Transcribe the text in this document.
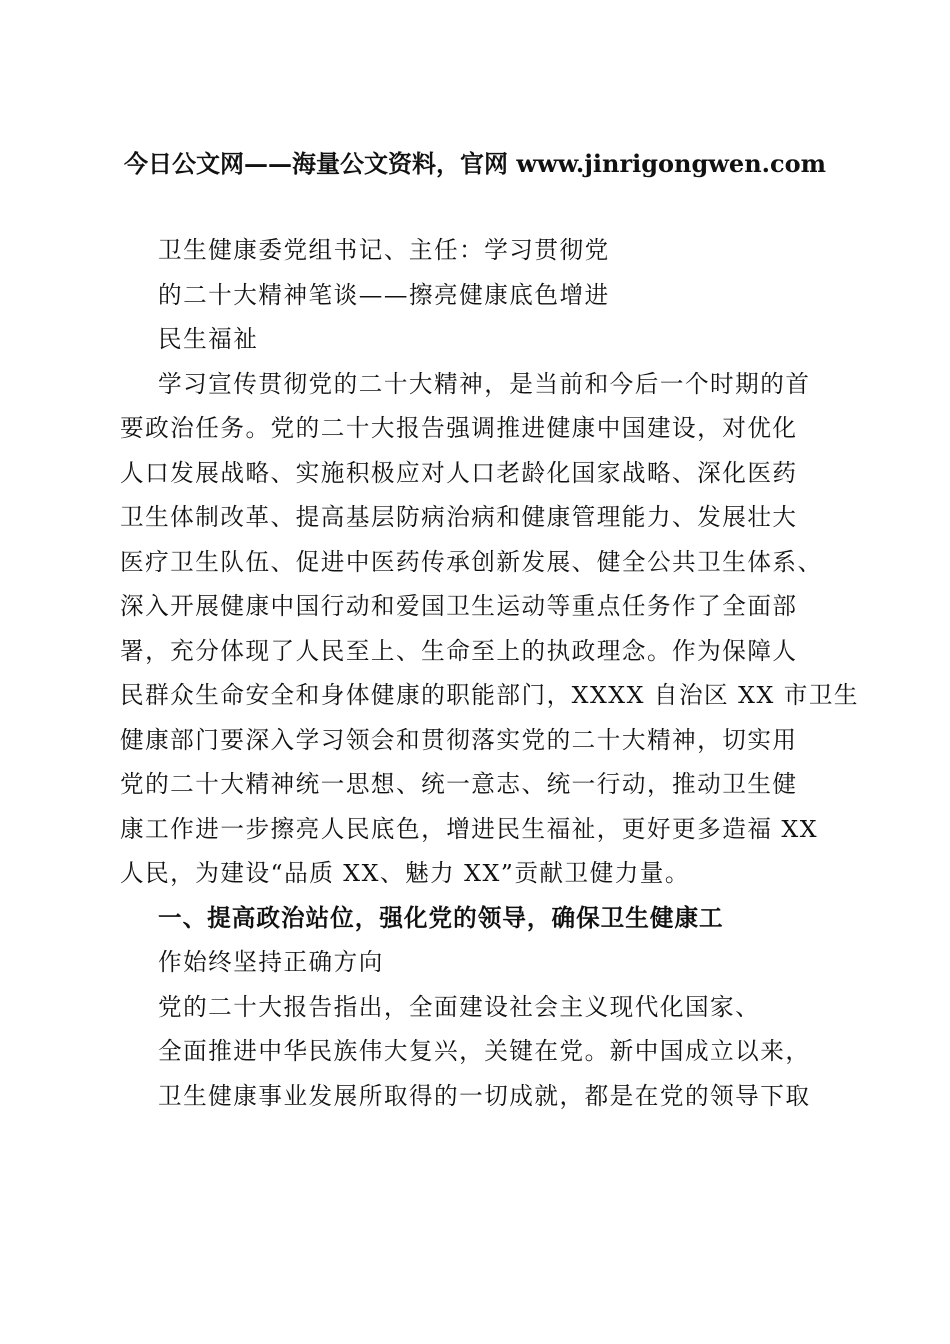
今日公文网——海量公文资料，官网 www.jinrigongwen.com
卫生健康委党组书记、主任：学习贯彻党
的二十大精神笔谈——擦亮健康底色增进
民生福祉
学习宣传贯彻党的二十大精神，是当前和今后一个时期的首
要政治任务。党的二十大报告强调推进健康中国建设，对优化
人口发展战略、实施积极应对人口老龄化国家战略、深化医药
卫生体制改革、提高基层防病治病和健康管理能力、发展壮大
医疗卫生队伍、促进中医药传承创新发展、健全公共卫生体系、
深入开展健康中国行动和爱国卫生运动等重点任务作了全面部
署，充分体现了人民至上、生命至上的执政理念。作为保障人
民群众生命安全和身体健康的职能部门，XXXX 自治区 XX 市卫生
健康部门要深入学习领会和贯彻落实党的二十大精神，切实用
党的二十大精神统一思想、统一意志、统一行动，推动卫生健
康工作进一步擦亮人民底色，增进民生福祉，更好更多造福 XX
人民，为建设“品质 XX、魅力 XX”贡献卫健力量。
一、提高政治站位，强化党的领导，确保卫生健康工
作始终坚持正确方向
党的二十大报告指出，全面建设社会主义现代化国家、
全面推进中华民族伟大复兴，关键在党。新中国成立以来，
卫生健康事业发展所取得的一切成就，都是在党的领导下取
